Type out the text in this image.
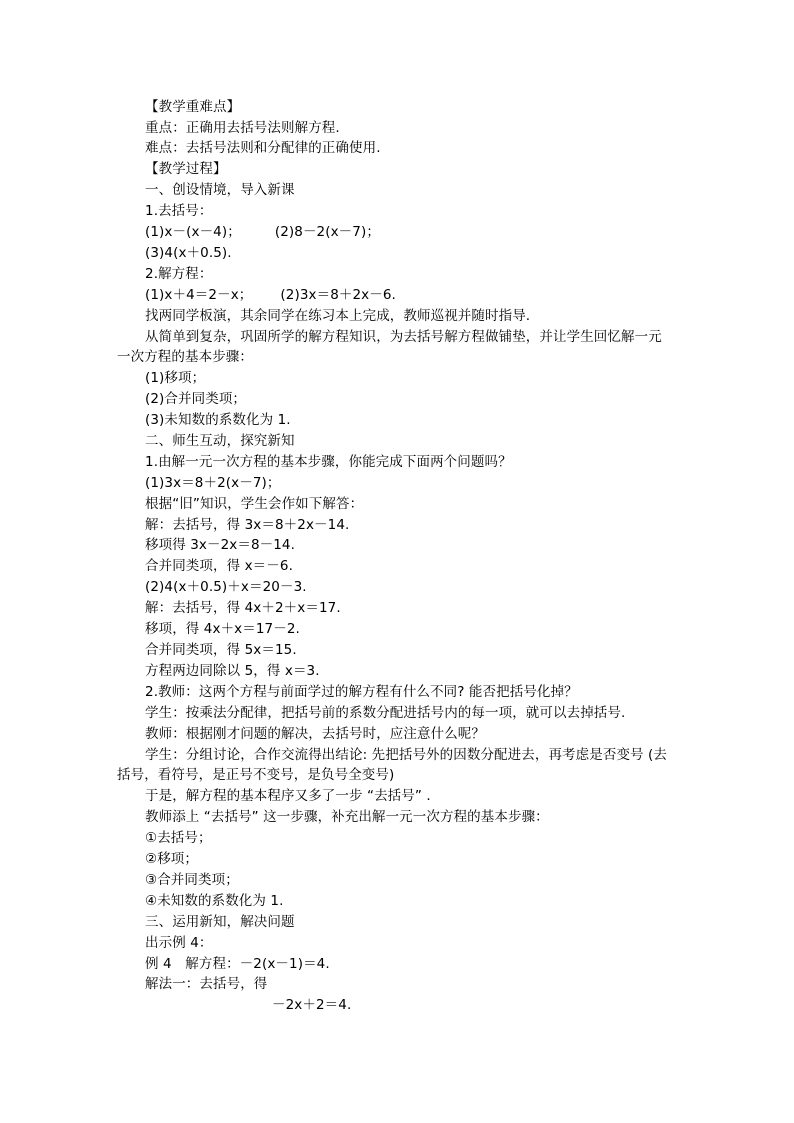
【教学重难点】
重点：正确用去括号法则解方程.
难点：去括号法则和分配律的正确使用.
【教学过程】
一、创设情境，导入新课
1.去括号：
(1)x－(x－4)；	(2)8－2(x－7)；
(3)4(x＋0.5).
2.解方程：
(1)x＋4＝2－x； (2)3x＝8＋2x－6.
找两同学板演，其余同学在练习本上完成，教师巡视并随时指导.
从简单到复杂，巩固所学的解方程知识，为去括号解方程做铺垫，并让学生回忆解一元
一次方程的基本步骤：
(1)移项；
(2)合并同类项；
(3)未知数的系数化为 1.
二、师生互动，探究新知
1.由解一元一次方程的基本步骤，你能完成下面两个问题吗？
(1)3x＝8＋2(x－7)；
根据“旧”知识，学生会作如下解答：
解：去括号，得 3x＝8＋2x－14.
移项得 3x－2x＝8－14.
合并同类项，得 x＝－6.
(2)4(x＋0.5)＋x＝20－3.
解：去括号，得 4x＋2＋x＝17.
移项，得 4x＋x＝17－2.
合并同类项，得 5x＝15.
方程两边同除以 5，得 x＝3.
2.教师：这两个方程与前面学过的解方程有什么不同? 能否把括号化掉？
学生：按乘法分配律，把括号前的系数分配进括号内的每一项，就可以去掉括号.
教师：根据刚才问题的解决，去括号时，应注意什么呢？
学生：分组讨论，合作交流得出结论: 先把括号外的因数分配进去，再考虑是否变号 (去
括号，看符号，是正号不变号，是负号全变号)
于是，解方程的基本程序又多了一步 “去括号” .
教师添上 “去括号” 这一步骤，补充出解一元一次方程的基本步骤：
①去括号；
②移项；
③合并同类项；
④未知数的系数化为 1.
三、运用新知，解决问题
出示例 4：
例 4　解方程：－2(x－1)＝4.
解法一：去括号，得
－2x＋2＝4.
